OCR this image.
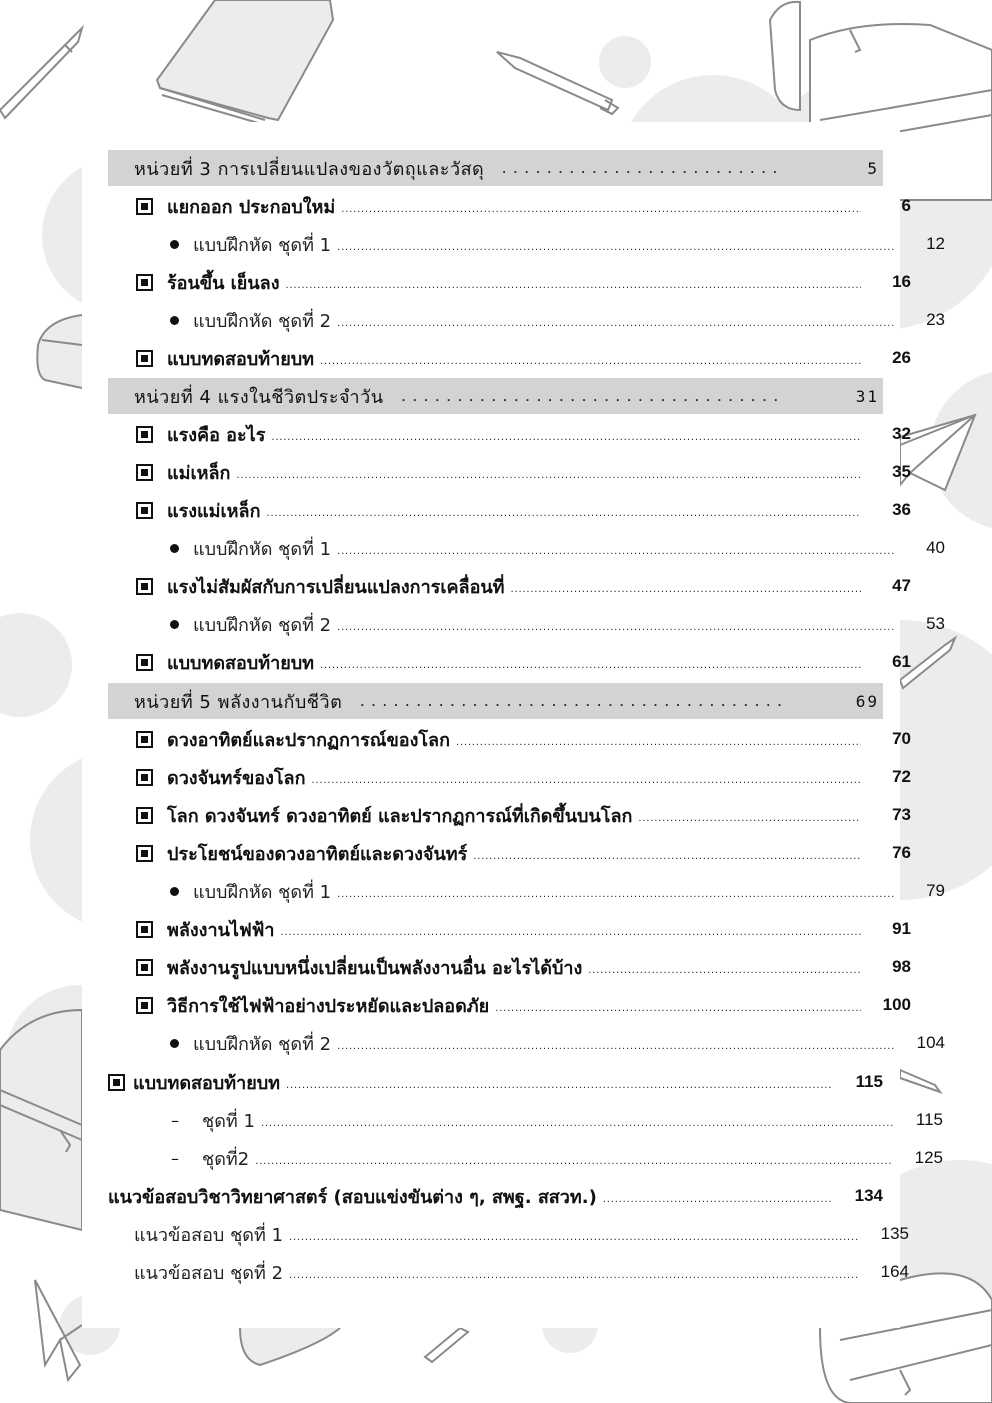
หน่วยที่ 3 การเปลี่ยนแปลงของวัตถุและวัสดุ . . .	5
แยกออก ประกอบใหม่ . . .	6
แบบฝึกหัด ชุดที่ 1 . . .	12
ร้อนขึ้น เย็นลง . . .	16
แบบฝึกหัด ชุดที่ 2 . . .	23
แบบทดสอบท้ายบท . . .	26
หน่วยที่ 4 แรงในชีวิตประจำวัน . . .	31
แรงคือ อะไร . . .	32
แม่เหล็ก . . .	35
แรงแม่เหล็ก . . .	36
แบบฝึกหัด ชุดที่ 1 . . .	40
แรงไม่สัมผัสกับการเปลี่ยนแปลงการเคลื่อนที่ . . .	47
แบบฝึกหัด ชุดที่ 2 . . .	53
แบบทดสอบท้ายบท . . .	61
หน่วยที่ 5 พลังงานกับชีวิต . . .	69
ดวงอาทิตย์และปรากฏการณ์ของโลก . . .	70
ดวงจันทร์ของโลก . . .	72
โลก ดวงจันทร์ ดวงอาทิตย์ และปรากฏการณ์ที่เกิดขึ้นบนโลก . . .	73
ประโยชน์ของดวงอาทิตย์และดวงจันทร์ . . .	76
แบบฝึกหัด ชุดที่ 1 . . .	79
พลังงานไฟฟ้า . . .	91
พลังงานรูปแบบหนึ่งเปลี่ยนเป็นพลังงานอื่น อะไรได้บ้าง . . .	98
วิธีการใช้ไฟฟ้าอย่างประหยัดและปลอดภัย . . .	100
แบบฝึกหัด ชุดที่ 2 . . .	104
แบบทดสอบท้ายบท . . .	115
– ชุดที่ 1 . . .	115
– ชุดที่2 . . .	125
แนวข้อสอบวิชาวิทยาศาสตร์ (สอบแข่งขันต่าง ๆ, สพฐ. สสวท.) . . .	134
แนวข้อสอบ ชุดที่ 1 . . .	135
แนวข้อสอบ ชุดที่ 2 . . .	164
